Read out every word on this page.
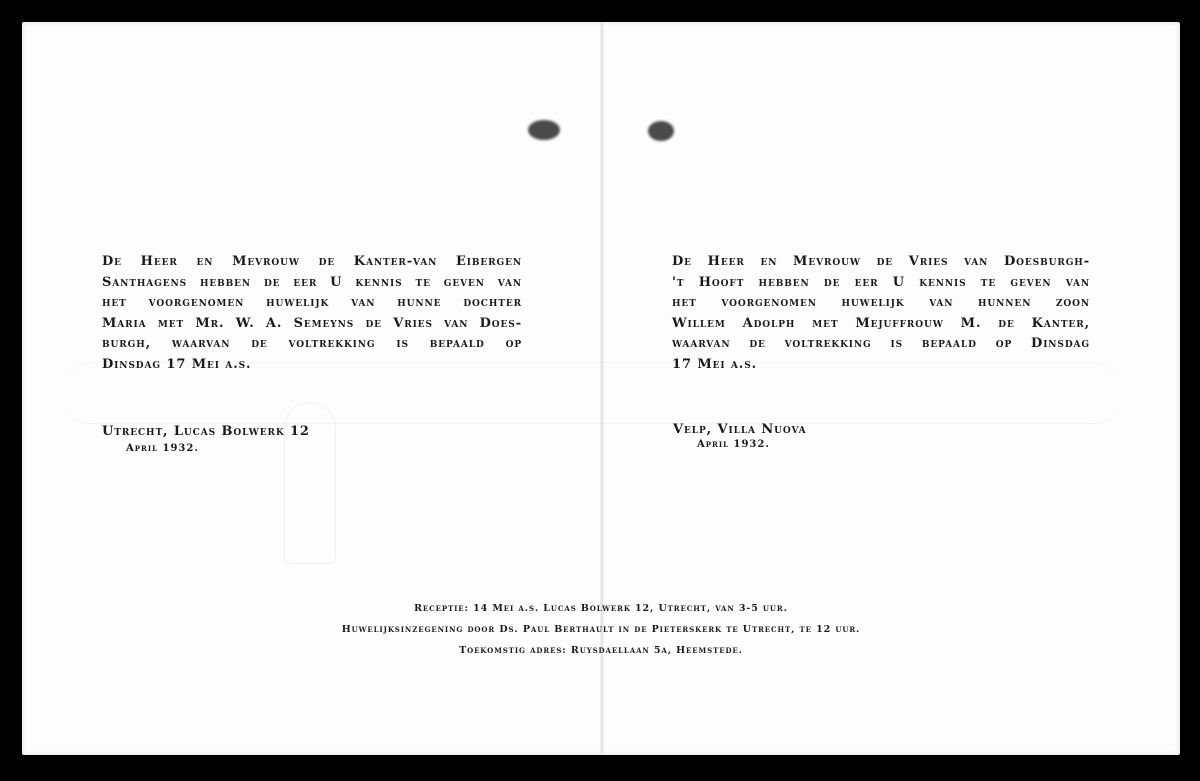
De Heer en Mevrouw de Kanter-van Eibergen
Santhagens hebben de eer U kennis te geven van
het voorgenomen huwelijk van hunne dochter
Maria met Mr. W. A. Semeyns de Vries van Does-
burgh, waarvan de voltrekking is bepaald op
Dinsdag 17 Mei a.s.
Utrecht, Lucas Bolwerk 12
April 1932.
De Heer en Mevrouw de Vries van Doesburgh-
't Hooft hebben de eer U kennis te geven van
het voorgenomen huwelijk van hunnen zoon
Willem Adolph met Mejuffrouw M. de Kanter,
waarvan de voltrekking is bepaald op Dinsdag
17 Mei a.s.
Velp, Villa Nuova
April 1932.
Receptie: 14 Mei a.s. Lucas Bolwerk 12, Utrecht, van 3-5 uur.
Huwelijksinzegening door Ds. Paul Berthault in de Pieterskerk te Utrecht, te 12 uur.
Toekomstig adres: Ruysdaellaan 5a, Heemstede.
